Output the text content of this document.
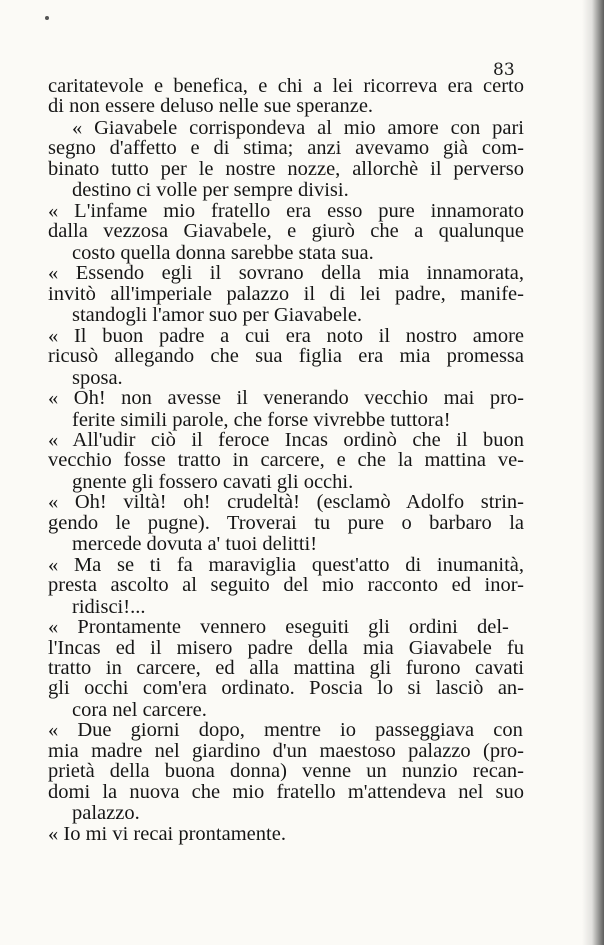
83
caritatevole e benefica, e chi a lei ricorreva era certo
di non essere deluso nelle sue speranze.
« Giavabele corrispondeva al mio amore con pari
segno d'affetto e di stima; anzi avevamo già com-
binato tutto per le nostre nozze, allorchè il perverso
destino ci volle per sempre divisi.
« L'infame mio fratello era esso pure innamorato
dalla vezzosa Giavabele, e giurò che a qualunque
costo quella donna sarebbe stata sua.
« Essendo egli il sovrano della mia innamorata,
invitò all'imperiale palazzo il di lei padre, manife-
standogli l'amor suo per Giavabele.
« Il buon padre a cui era noto il nostro amore
ricusò allegando che sua figlia era mia promessa
sposa.
« Oh! non avesse il venerando vecchio mai pro-
ferite simili parole, che forse vivrebbe tuttora!
« All'udir ciò il feroce Incas ordinò che il buon
vecchio fosse tratto in carcere, e che la mattina ve-
gnente gli fossero cavati gli occhi.
« Oh! viltà! oh! crudeltà! (esclamò Adolfo strin-
gendo le pugne). Troverai tu pure o barbaro la
mercede dovuta a' tuoi delitti!
« Ma se ti fa maraviglia quest'atto di inumanità,
presta ascolto al seguito del mio racconto ed inor-
ridisci!...
« Prontamente vennero eseguiti gli ordini del-
l'Incas ed il misero padre della mia Giavabele fu
tratto in carcere, ed alla mattina gli furono cavati
gli occhi com'era ordinato. Poscia lo si lasciò an-
cora nel carcere.
« Due giorni dopo, mentre io passeggiava con
mia madre nel giardino d'un maestoso palazzo (pro-
prietà della buona donna) venne un nunzio recan-
domi la nuova che mio fratello m'attendeva nel suo
palazzo.
« Io mi vi recai prontamente.
